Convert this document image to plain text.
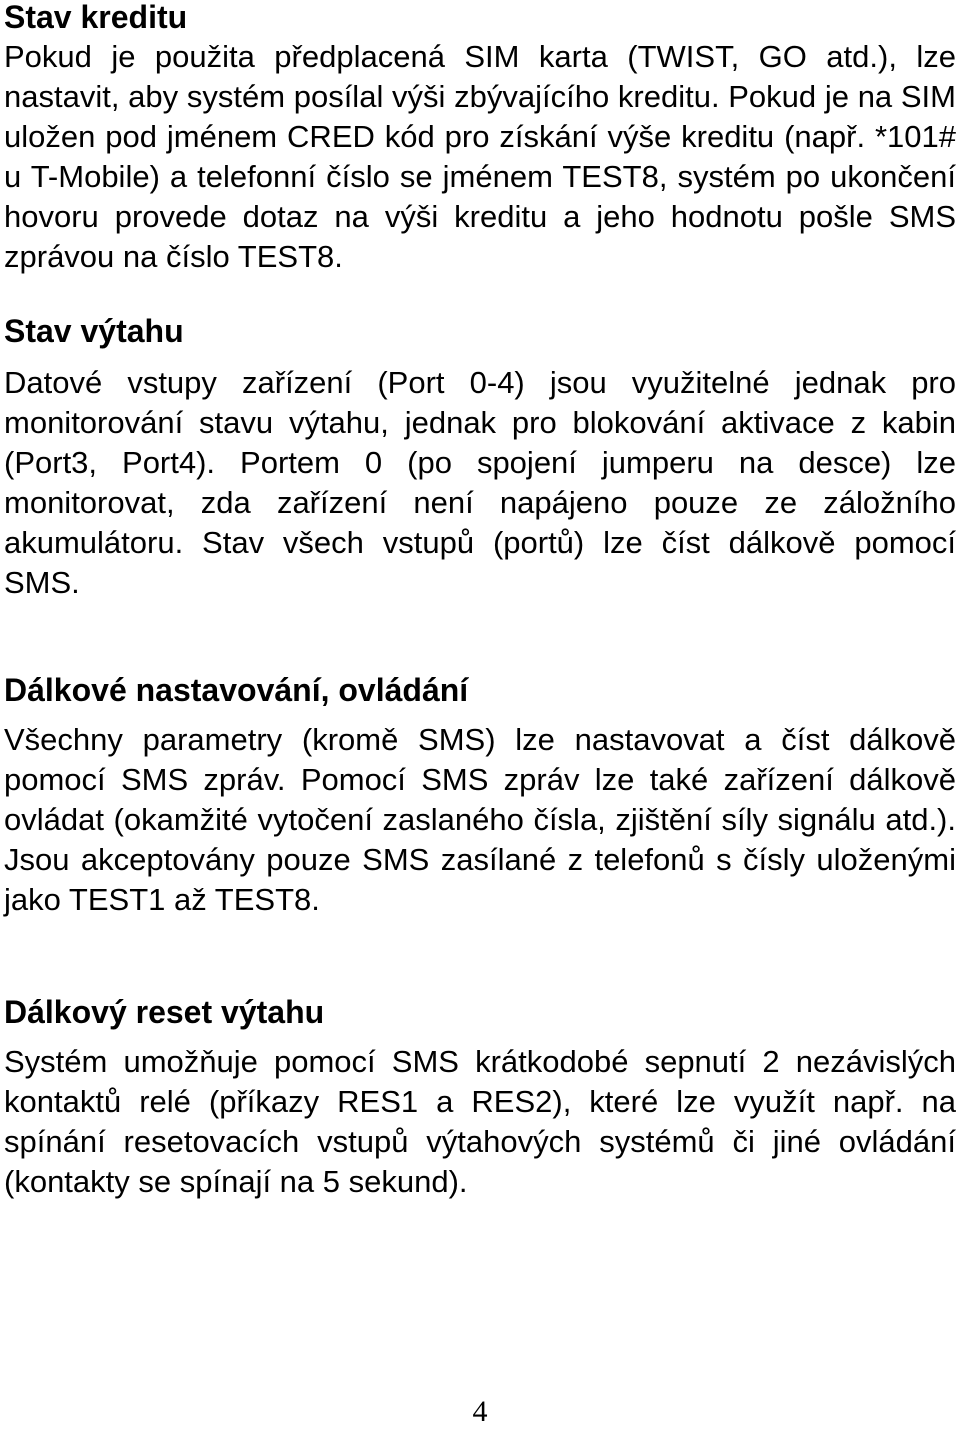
Stav kreditu

Pokud je použita předplacená SIM karta (TWIST, GO atd.), lze nastavit, aby systém posílal výši zbývajícího kreditu. Pokud je na SIM uložen pod jménem CRED kód pro získání výše kreditu (např. *101# u T-Mobile) a telefonní číslo se jménem TEST8, systém po ukončení hovoru provede dotaz na výši kreditu a jeho hodnotu pošle SMS zprávou na číslo TEST8.

Stav výtahu

Datové vstupy zařízení (Port 0-4) jsou využitelné jednak pro monitorování stavu výtahu, jednak pro blokování aktivace z kabin (Port3, Port4). Portem 0 (po spojení jumperu na desce) lze monitorovat, zda zařízení není napájeno pouze ze záložního akumulátoru. Stav všech vstupů (portů) lze číst dálkově pomocí SMS.

Dálkové nastavování, ovládání

Všechny parametry (kromě SMS) lze nastavovat a číst dálkově pomocí SMS zpráv. Pomocí SMS zpráv lze také zařízení dálkově ovládat (okamžité vytočení zaslaného čísla, zjištění síly signálu atd.). Jsou akceptovány pouze SMS zasílané z telefonů s čísly uloženými jako TEST1 až TEST8.

Dálkový reset výtahu

Systém umožňuje pomocí SMS krátkodobé sepnutí 2 nezávislých kontaktů relé (příkazy RES1 a RES2), které lze využít např. na spínání resetovacích vstupů výtahových systémů či jiné ovládání (kontakty se spínají na 5 sekund).

4
